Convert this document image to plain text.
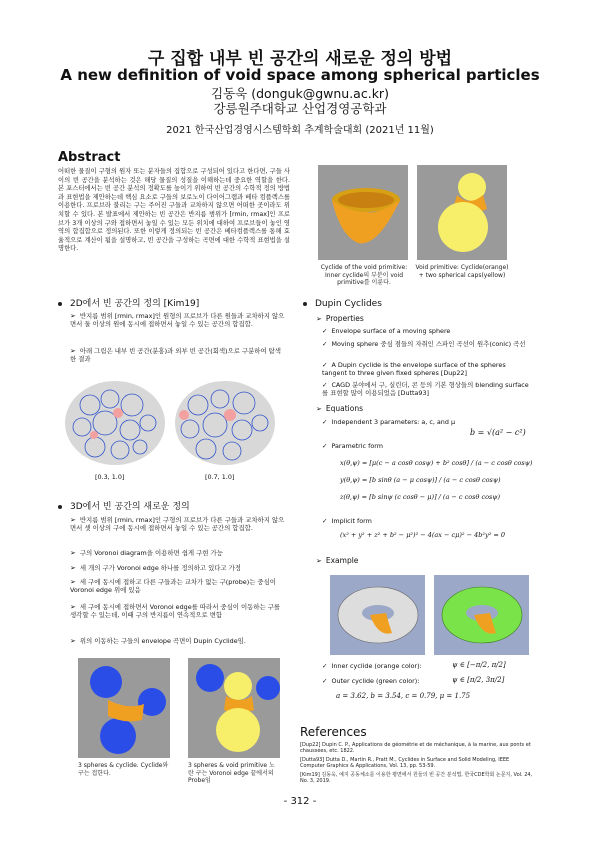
구 집합 내부 빈 공간의 새로운 정의 방법
A new definition of void space among spherical particles
김동욱 (donguk@gwnu.ac.kr)
강릉원주대학교 산업경영공학과
2021 한국산업경영시스템학회 추계학술대회 (2021년 11월)
Abstract
어떠한 물질이 구형의 원자 또는 분자들의 집합으로 구성되어 있다고 한다면, 구들 사이의 빈 공간을 분석하는 것은 해당 물질의 성질을 이해하는데 중요한 역할을 한다. 본 포스터에서는 빈 공간 분석의 정확도를 높이기 위하여 빈 공간의 수학적 정의 방법과 표현법을 제안하는데 핵심 요소로 구들의 보로노이 다이어그램과 베타 컴플렉스를 이용한다. 프로브라 불리는 구는 주어진 구들과 교차하지 않으면 어떠한 곳이라도 위치할 수 있다. 본 발표에서 제안하는 빈 공간은 반지름 범위가 [rmin, rmax]인 프로브가 3개 이상의 구와 접하면서 놓일 수 있는 모든 위치에 대하여 프로브들이 놓인 영역의 합집합으로 정의된다. 또한 이렇게 정의되는 빈 공간은 베타컴플렉스를 통해 효율적으로 계산이 됨을 설명하고, 빈 공간을 구성하는 곡면에 대한 수학적 표현법을 설명한다.
Cyclide of the void primitive: Inner cyclide의 부분이 void primitive를 이룬다.
Void primitive: Cyclide(orange) + two spherical caps(yellow)
2D에서 빈 공간의 정의 [Kim19]
➢ 반지름 범위 [rmin, rmax]인 원형의 프로브가 다른 원들과 교차하지 않으면서 둘 이상의 원에 동시에 접하면서 놓일 수 있는 공간의 합집합.
➢ 아래 그림은 내부 빈 공간(분홍)과 외부 빈 공간(회색)으로 구분하여 탐색한 결과
[0.3, 1.0]	[0.7, 1.0]
3D에서 빈 공간의 새로운 정의
➢ 반지름 범위 [rmin, rmax]인 구형의 프로브가 다른 구들과 교차하지 않으면서 셋 이상의 구에 동시에 접하면서 놓일 수 있는 공간의 합집합.
➢ 구의 Voronoi diagram을 이용하면 쉽게 구현 가능
➢ 세 개의 구가 Voronoi edge 하나를 정의하고 있다고 가정
➢ 세 구에 동시에 접하고 다른 구들과는 교차가 없는 구(probe)는 중심이 Voronoi edge 위에 있음
➢ 세 구에 동시에 접하면서 Voronoi edge를 따라서 중심이 이동하는 구를 생각할 수 있는데, 이때 구의 반지름이 연속적으로 변함
➢ 위의 이동하는 구들의 envelope 곡면이 Dupin Cyclide임.
3 spheres & cyclide. Cyclide와 구는 접한다.
3 spheres & void primitive 노란 구는 Voronoi edge 끝에서의 Probe임
Dupin Cyclides
➢ Properties
✓ Envelope surface of a moving sphere
✓ Moving sphere 중심 점들의 자취인 스파인 곡선이 원추(conic) 곡선
✓ A Dupin cyclide is the envelope surface of the spheres tangent to three given fixed spheres [Dup22]
✓ CAGD 분야에서 구, 실린더, 콘 등의 기본 형상들의 blending surface를 표현할 많이 이용되었음 [Dutta93]
➢ Equations
✓ Independent 3 parameters: a, c, and μ
b = √(a² − c²)
✓ Parametric form
x(θ,ψ) = [μ(c − a cosθ cosψ) + b² cosθ] / (a − c cosθ cosψ)
y(θ,ψ) = [b sinθ (a − μ cosψ)] / (a − c cosθ cosψ)
z(θ,ψ) = [b sinψ (c cosθ − μ)] / (a − c cosθ cosψ)
✓ Implicit form
(x² + y² + z² + b² − μ²)² − 4(ax − cμ)² − 4b²y² = 0
➢ Example
✓ Inner cyclide (orange color):	ψ ∈ [−π/2, π/2]
✓ Outer cyclide (green color):	ψ ∈ [π/2, 3π/2]
a = 3.62, b = 3.54, c = 0.79, μ = 1.75
References
[Dup22] Dupin C. P., Applications de géométrie et de méchanique, à la marine, aux ponts et chaussées, etc. 1822.
[Dutta93] Dutta D., Martin R., Pratt M., Cyclides in Surface and Solid Modeling, IEEE Computer Graphics & Applications, Vol. 13, pp. 53-59.
[Kim19] 김동욱, 예지 공동체소를 이용한 평면에서 원들의 빈 공간 분석법, 한국CDE학회 논문지, Vol. 24, No. 3, 2019.
- 312 -
